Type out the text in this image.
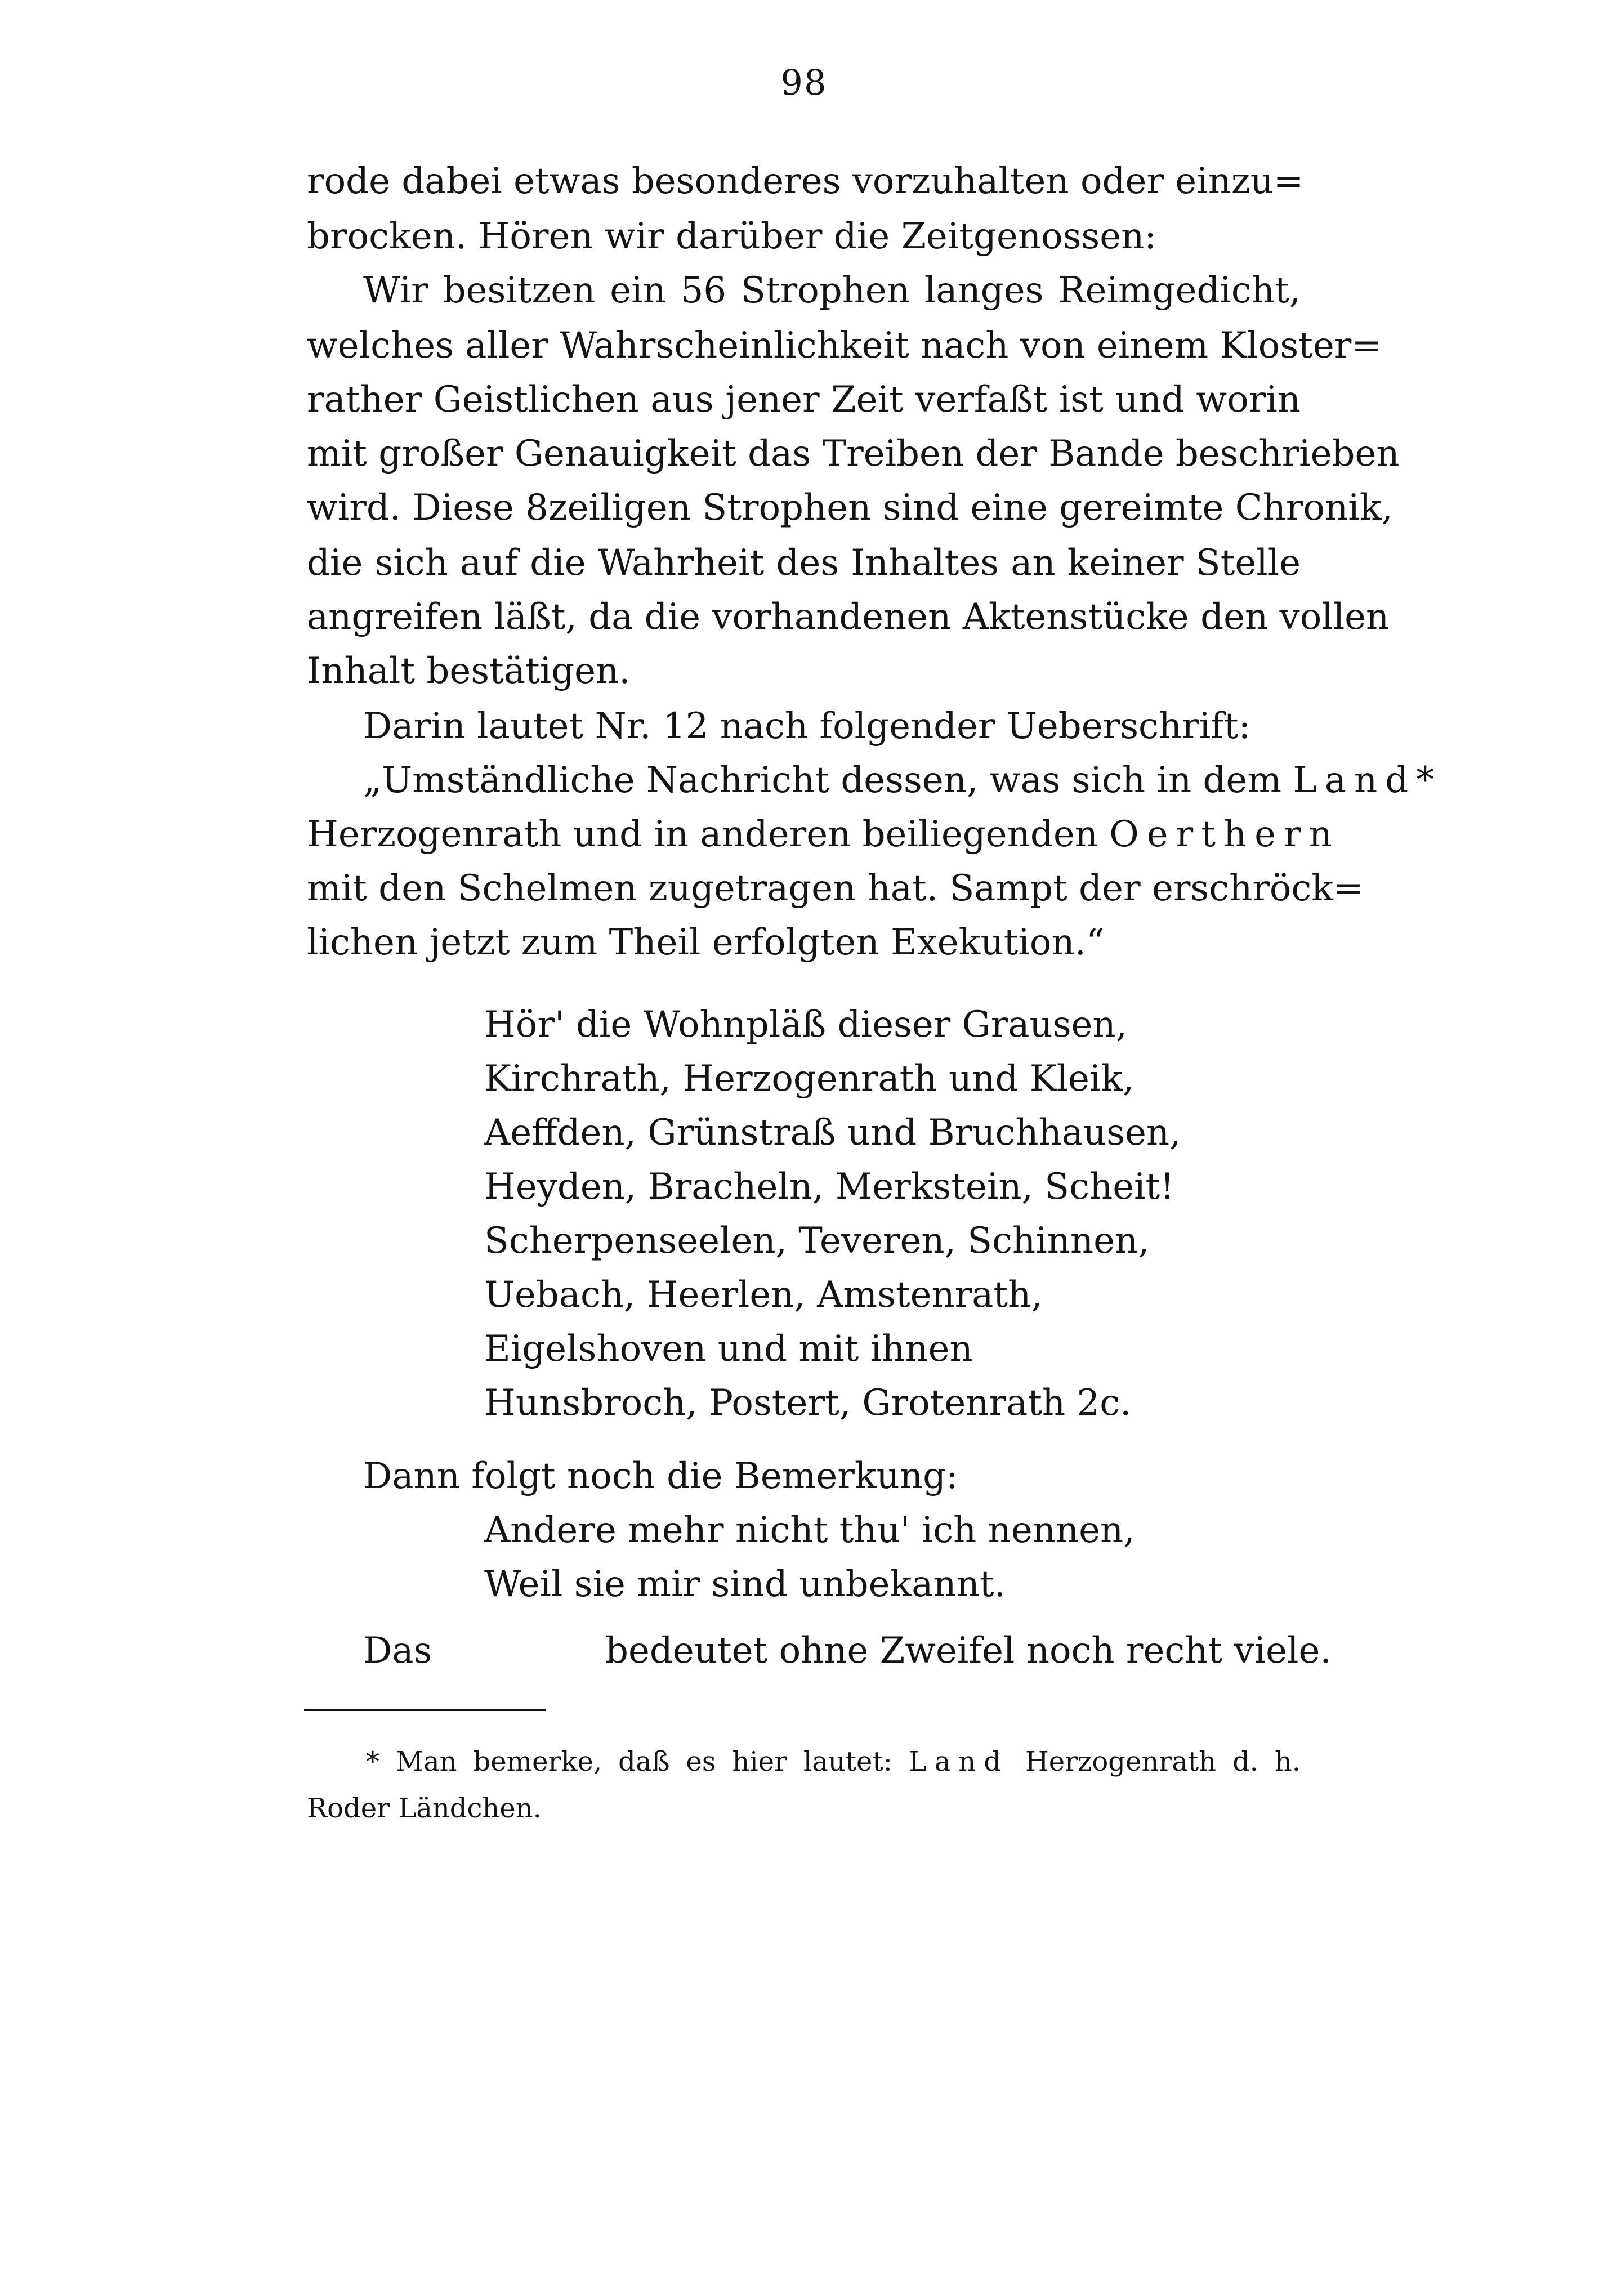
98
rode dabei etwas besonderes vorzuhalten oder einzu=
brocken. Hören wir darüber die Zeitgenossen:
Wir besitzen ein 56 Strophen langes Reimgedicht,
welches aller Wahrscheinlichkeit nach von einem Kloster=
rather Geistlichen aus jener Zeit verfaßt ist und worin
mit großer Genauigkeit das Treiben der Bande beschrieben
wird. Diese 8zeiligen Strophen sind eine gereimte Chronik,
die sich auf die Wahrheit des Inhaltes an keiner Stelle
angreifen läßt, da die vorhandenen Aktenstücke den vollen
Inhalt bestätigen.
Darin lautet Nr. 12 nach folgender Ueberschrift:
„Umständliche Nachricht dessen, was sich in dem Land*
Herzogenrath und in anderen beiliegenden Oerthern
mit den Schelmen zugetragen hat. Sampt der erschröck=
lichen jetzt zum Theil erfolgten Exekution.“
Hör' die Wohnpläß dieser Grausen,
Kirchrath, Herzogenrath und Kleik,
Aeffden, Grünstraß und Bruchhausen,
Heyden, Bracheln, Merkstein, Scheit!
Scherpenseelen, Teveren, Schinnen,
Uebach, Heerlen, Amstenrath,
Eigelshoven und mit ihnen
Hunsbroch, Postert, Grotenrath 2c.
Dann folgt noch die Bemerkung:
Andere mehr nicht thu' ich nennen,
Weil sie mir sind unbekannt.
Das	bedeutet ohne Zweifel noch recht viele.
* Man bemerke, daß es hier lautet: Land Herzogenrath d. h.
Roder Ländchen.
